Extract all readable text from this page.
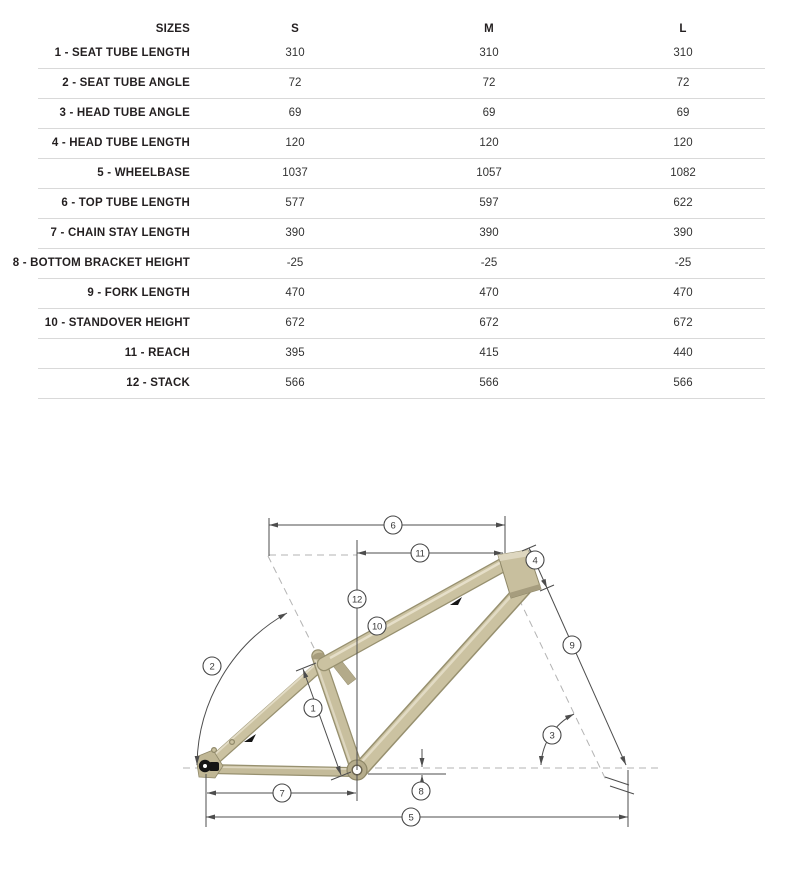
SIZES	S	M	L
1 - SEAT TUBE LENGTH	310	310	310
2 - SEAT TUBE ANGLE	72	72	72
3 - HEAD TUBE ANGLE	69	69	69
4 - HEAD TUBE LENGTH	120	120	120
5 - WHEELBASE	1037	1057	1082
6 - TOP TUBE LENGTH	577	597	622
7 - CHAIN STAY LENGTH	390	390	390
8 - BOTTOM BRACKET HEIGHT	-25	-25	-25
9 - FORK LENGTH	470	470	470
10 - STANDOVER HEIGHT	672	672	672
11 - REACH	395	415	440
12 - STACK	566	566	566
1
2
3
4
5
6
7	8
9
10
11
12
